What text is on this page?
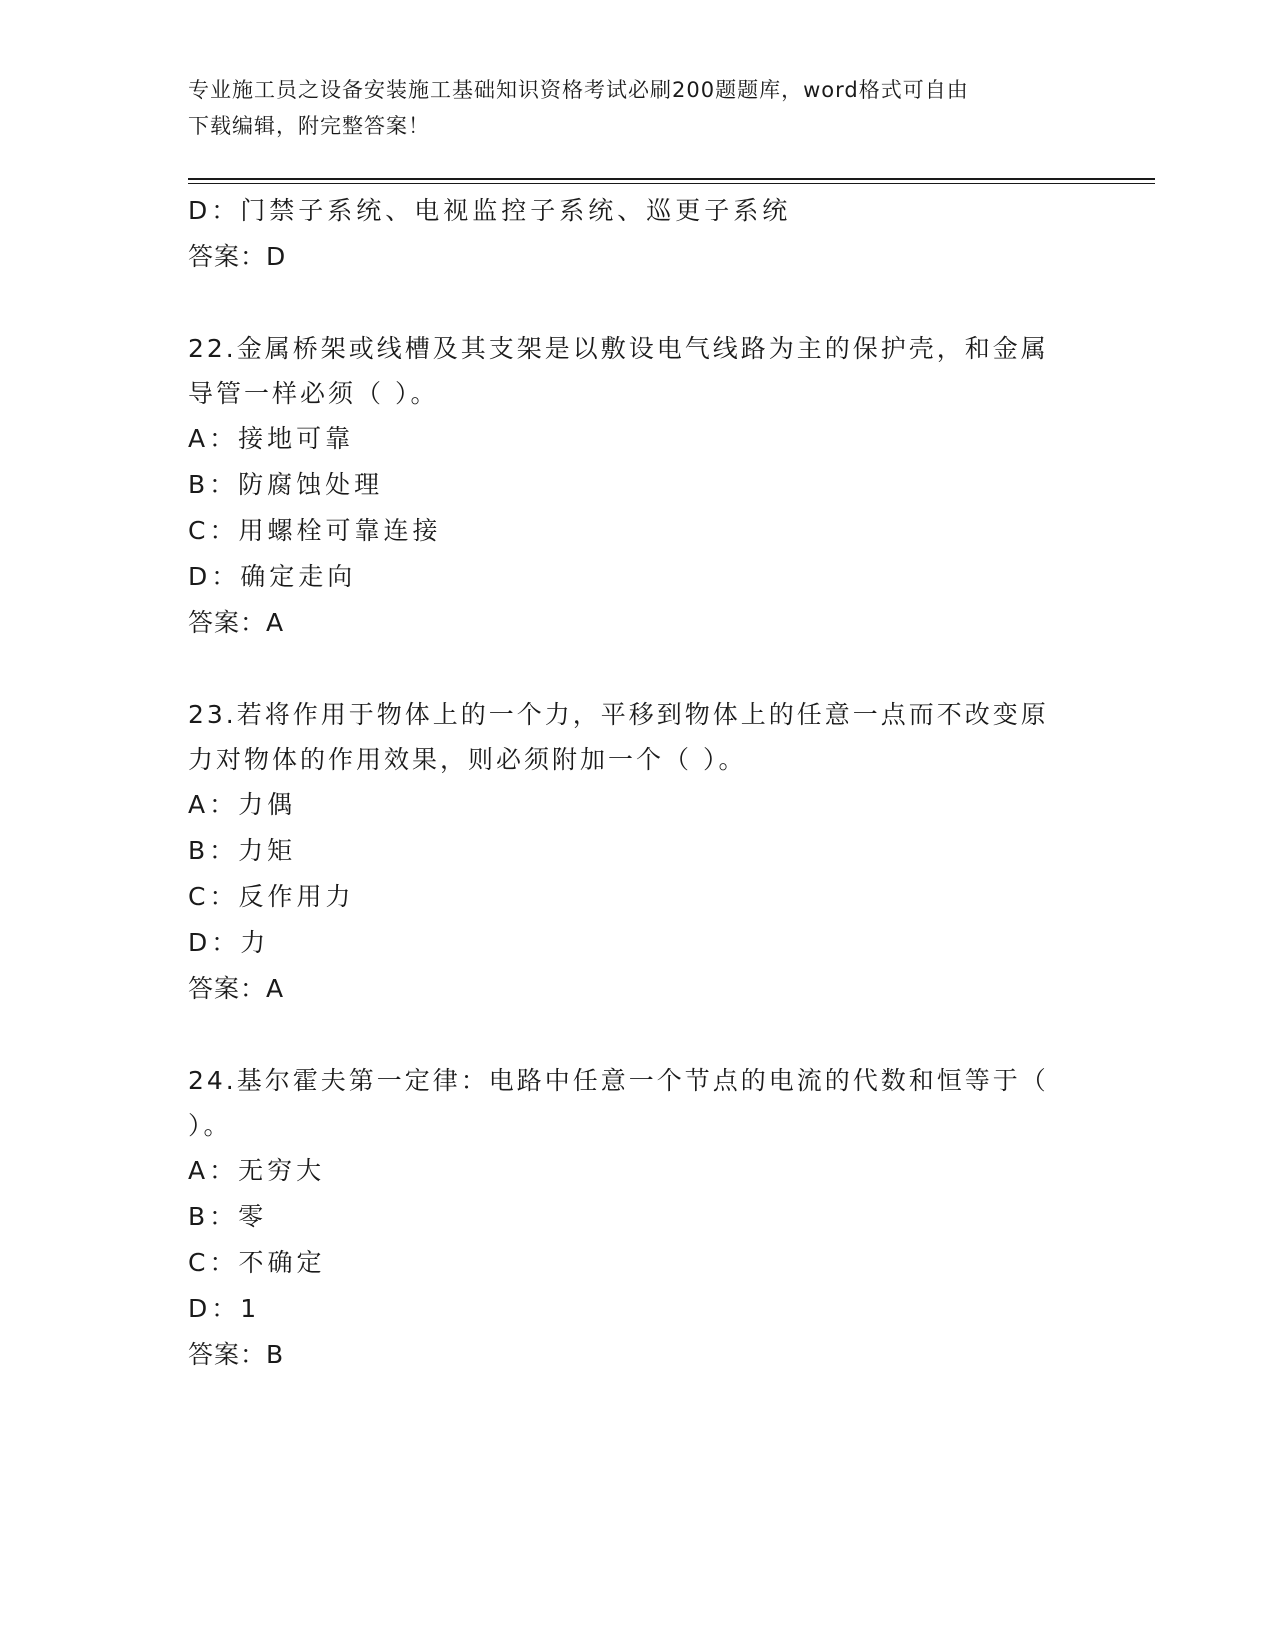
专业施工员之设备安装施工基础知识资格考试必刷200题题库，word格式可自由
下载编辑，附完整答案！

D：门禁子系统、电视监控子系统、巡更子系统

答案：D

22.金属桥架或线槽及其支架是以敷设电气线路为主的保护壳，和金属
导管一样必须（ ）。

A：接地可靠

B：防腐蚀处理

C：用螺栓可靠连接

D：确定走向

答案：A

23.若将作用于物体上的一个力，平移到物体上的任意一点而不改变原
力对物体的作用效果，则必须附加一个（ ）。

A：力偶

B：力矩

C：反作用力

D：力

答案：A

24.基尔霍夫第一定律：电路中任意一个节点的电流的代数和恒等于（
）。

A：无穷大

B：零

C：不确定

D：1

答案：B
